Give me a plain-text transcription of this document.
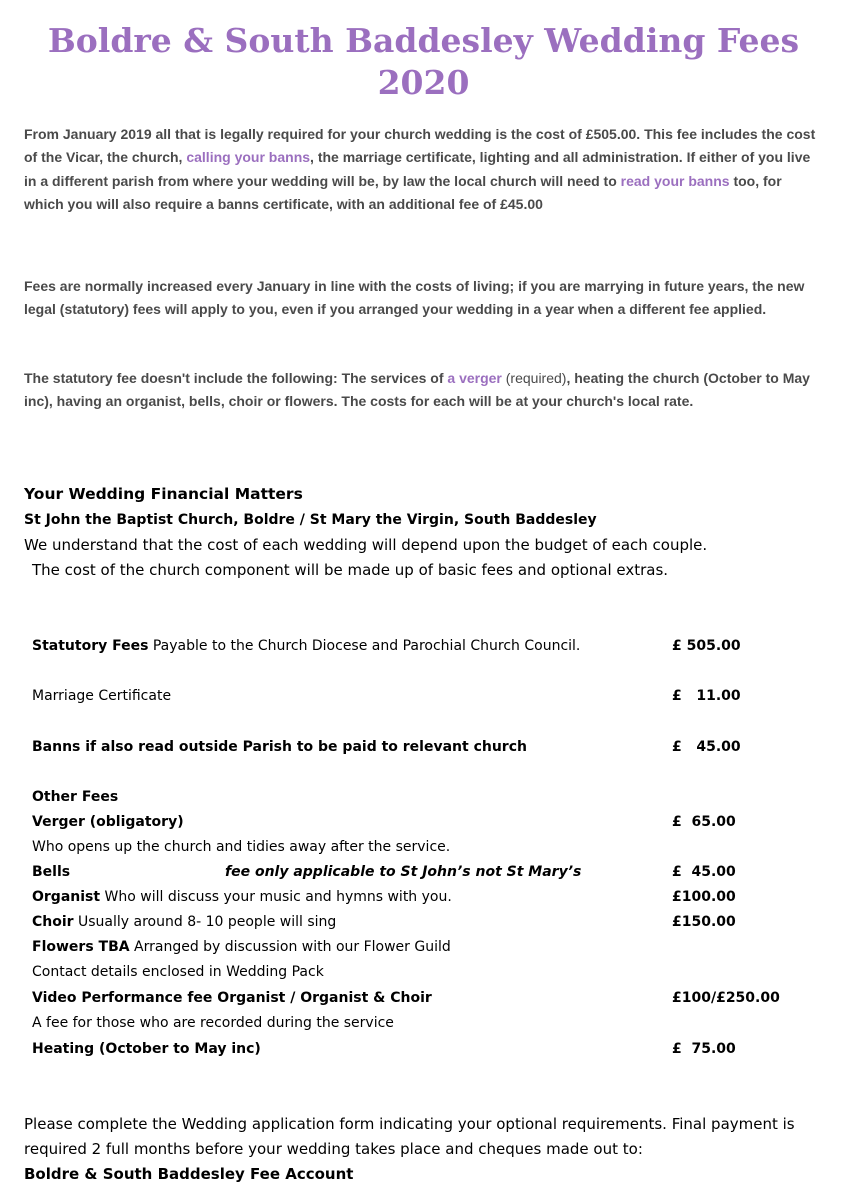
Boldre & South Baddesley Wedding Fees
2020

From January 2019 all that is legally required for your church wedding is the cost of £505.00. This fee includes the cost of the Vicar, the church, calling your banns, the marriage certificate, lighting and all administration. If either of you live in a different parish from where your wedding will be, by law the local church will need to read your banns too, for which you will also require a banns certificate, with an additional fee of £45.00

Fees are normally increased every January in line with the costs of living; if you are marrying in future years, the new legal (statutory) fees will apply to you, even if you arranged your wedding in a year when a different fee applied.

The statutory fee doesn't include the following: The services of a verger (required), heating the church (October to May inc), having an organist, bells, choir or flowers. The costs for each will be at your church's local rate.

Your Wedding Financial Matters
St John the Baptist Church, Boldre / St Mary the Virgin, South Baddesley
We understand that the cost of each wedding will depend upon the budget of each couple.
The cost of the church component will be made up of basic fees and optional extras.
Statutory Fees Payable to the Church Diocese and Parochial Church Council.	£ 505.00
Marriage Certificate	£   11.00
Banns if also read outside Parish to be paid to relevant church	£   45.00
Other Fees
Verger (obligatory)	£  65.00
Who opens up the church and tidies away after the service.
Bells	fee only applicable to St John’s not St Mary’s	£  45.00
Organist Who will discuss your music and hymns with you.	£100.00
Choir Usually around 8- 10 people will sing	£150.00
Flowers TBA Arranged by discussion with our Flower Guild
Contact details enclosed in Wedding Pack
Video Performance fee Organist / Organist & Choir	£100/£250.00
A fee for those who are recorded during the service
Heating (October to May inc)	£  75.00
Please complete the Wedding application form indicating your optional requirements. Final payment is
required 2 full months before your wedding takes place and cheques made out to:
Boldre & South Baddesley Fee Account
